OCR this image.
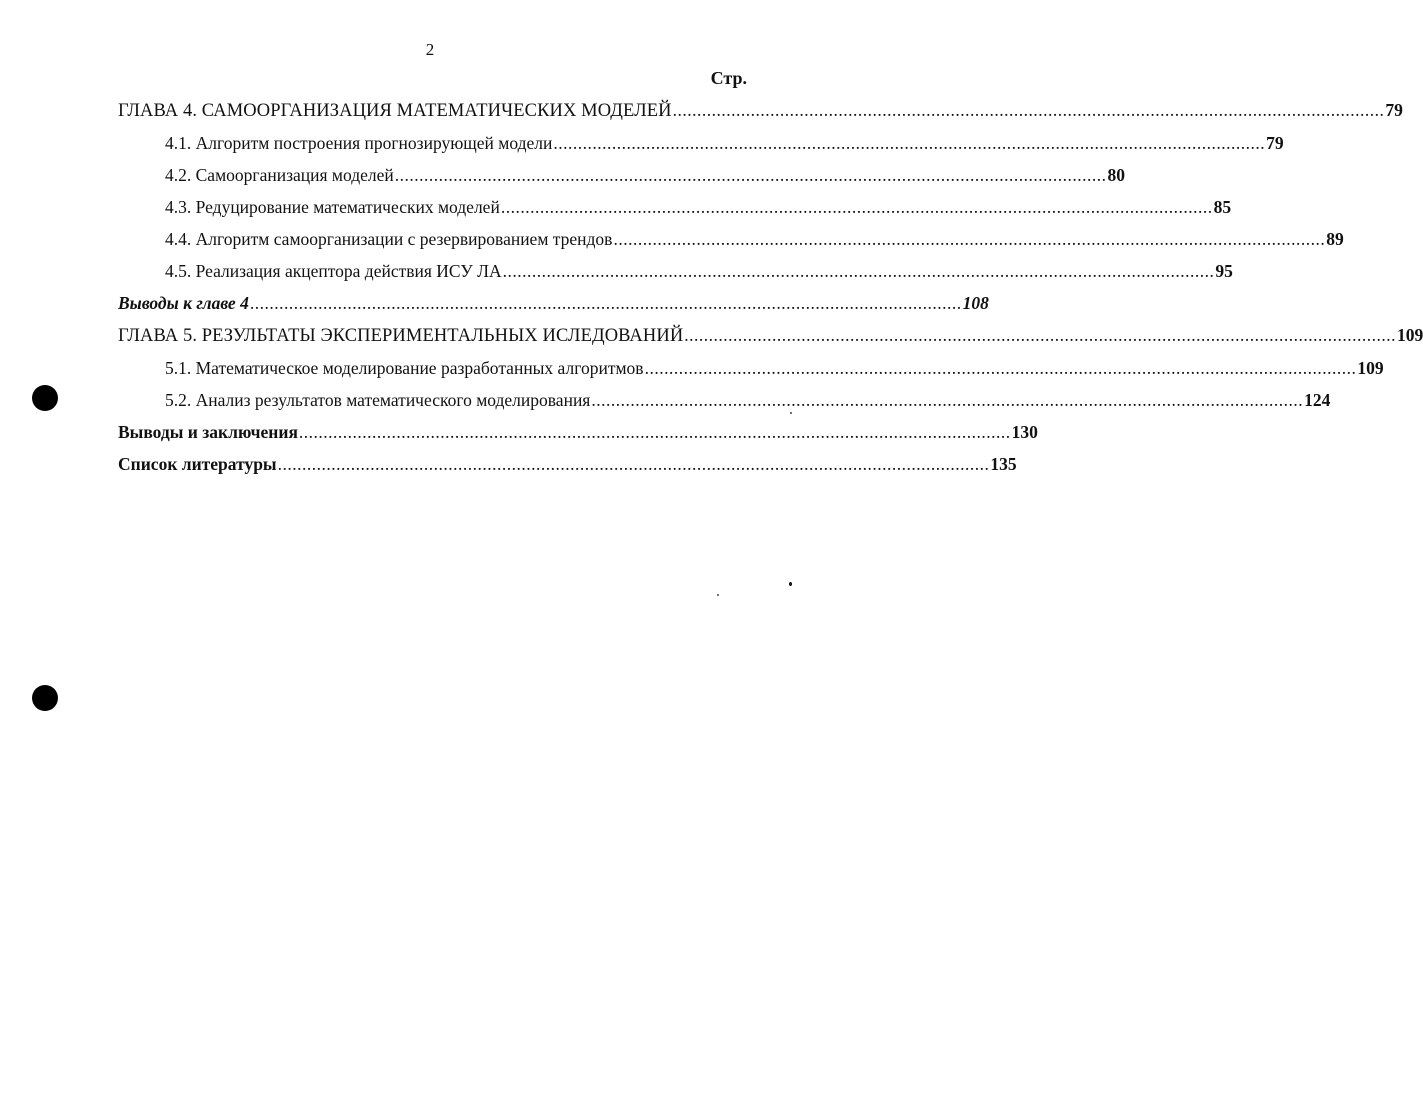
2
Стр.
ГЛАВА 4. САМООРГАНИЗАЦИЯ МАТЕМАТИЧЕСКИХ МОДЕЛЕЙ .................................................................................................................................................. 79
4.1. Алгоритм построения прогнозирующей модели .................................................................................................................................................. 79
4.2. Самоорганизация моделей .................................................................................................................................................. 80
4.3. Редуцирование математических моделей .................................................................................................................................................. 85
4.4. Алгоритм самоорганизации с резервированием трендов .................................................................................................................................................. 89
4.5. Реализация акцептора действия ИСУ ЛА .................................................................................................................................................. 95
Выводы к главе 4 .................................................................................................................................................. 108
ГЛАВА 5. РЕЗУЛЬТАТЫ ЭКСПЕРИМЕНТАЛЬНЫХ ИСЛЕДОВАНИЙ .................................................................................................................................................. 109
5.1. Математическое моделирование разработанных алгоритмов .................................................................................................................................................. 109
5.2. Анализ результатов математического моделирования .................................................................................................................................................. 124
Выводы и заключения .................................................................................................................................................. 130
Список литературы .................................................................................................................................................. 135
